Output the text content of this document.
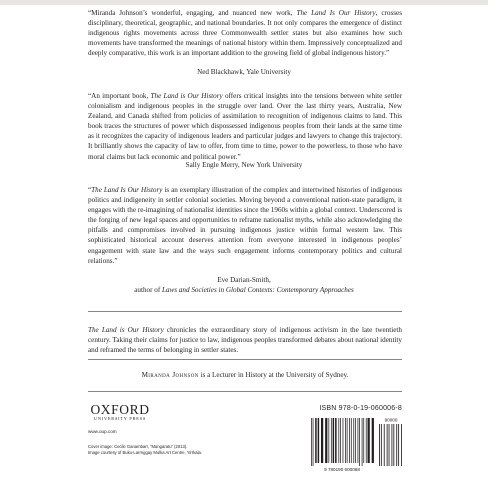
“Miranda Johnson’s wonderful, engaging, and nuanced new work, The Land Is Our History, crosses disciplinary, theoretical, geographic, and national boundaries. It not only compares the emergence of distinct indigenous rights movements across three Commonwealth settler states but also examines how such movements have transformed the meanings of national history within them. Impressively conceptualized and deeply comparative, this work is an important addition to the growing field of global indigenous history.”

Ned Blackhawk, Yale University

“An important book, The Land is Our History offers critical insights into the tensions between white settler colonialism and indigenous peoples in the struggle over land. Over the last thirty years, Australia, New Zealand, and Canada shifted from policies of assimilation to recognition of indigenous claims to land. This book traces the structures of power which dispossessed indigenous peoples from their lands at the same time as it recognizes the capacity of indigenous leaders and particular judges and lawyers to change this trajectory. It brilliantly shows the capacity of law to offer, from time to time, power to the powerless, to those who have moral claims but lack economic and political power.”

Sally Engle Merry, New York University

“The Land Is Our History is an exemplary illustration of the complex and intertwined histories of indigenous politics and indigeneity in settler colonial societies. Moving beyond a conventional nation-state paradigm, it engages with the re-imagining of nationalist identities since the 1960s within a global context. Underscored is the forging of new legal spaces and opportunities to reframe nationalist myths, while also acknowledging the pitfalls and compromises involved in pursuing indigenous justice within formal western law. This sophisticated historical account deserves attention from everyone interested in indigenous peoples’ engagement with state law and the ways such engagement informs contemporary politics and cultural relations.”

Eve Darian-Smith,
author of Laws and Societies in Global Contexts: Contemporary Approaches

The Land is Our History chronicles the extraordinary story of indigenous activism in the late twentieth century. Taking their claims for justice to law, indigenous peoples transformed debates about national identity and reframed the terms of belonging in settler states.

Miranda Johnson is a Lecturer in History at the University of Sydney.
OXFORD
UNIVERSITY PRESS
www.oup.com
Cover image: Cecile Ganambarr, “Mangaratu” (2013).
Image courtesy of Buku-Larrnggay Mulka Art Centre, Yirrkala.
ISBN 978-0-19-060006-8
90000
9 780190 600068
